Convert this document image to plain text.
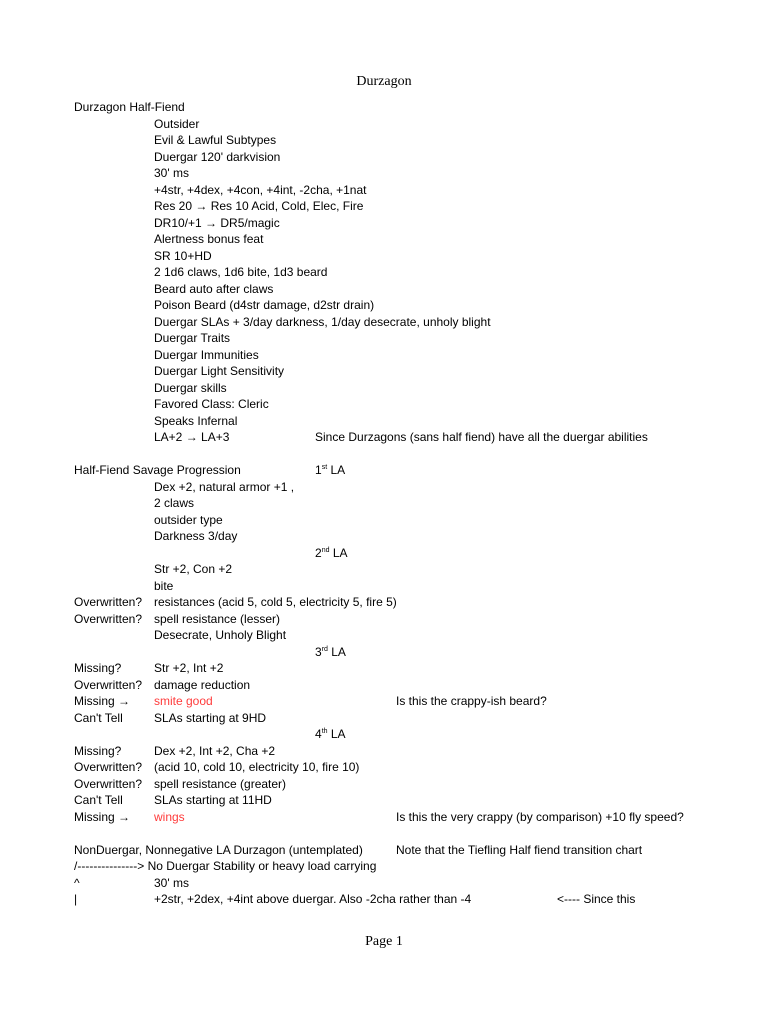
Durzagon
Durzagon Half-Fiend
Outsider
Evil & Lawful Subtypes
Duergar 120' darkvision
30' ms
+4str, +4dex, +4con, +4int, -2cha, +1nat
Res 20 → Res 10 Acid, Cold, Elec, Fire
DR10/+1 → DR5/magic
Alertness bonus feat
SR 10+HD
2 1d6 claws, 1d6 bite, 1d3 beard
Beard auto after claws
Poison Beard (d4str damage, d2str drain)
Duergar SLAs + 3/day darkness, 1/day desecrate, unholy blight
Duergar Traits
Duergar Immunities
Duergar Light Sensitivity
Duergar skills
Favored Class: Cleric
Speaks Infernal
LA+2 → LA+3	Since Durzagons (sans half fiend) have all the duergar abilities
Half-Fiend Savage Progression	1st LA
Dex +2, natural armor +1 ,
2 claws
outsider type
Darkness 3/day
2nd LA
Str +2, Con +2
bite
Overwritten? resistances (acid 5, cold 5, electricity 5, fire 5)
Overwritten? spell resistance (lesser)
Desecrate, Unholy Blight
3rd LA
Missing?	Str +2, Int +2
Overwritten? damage reduction
Missing → smite good	Is this the crappy-ish beard?
Can't Tell	SLAs starting at 9HD
4th LA
Missing?	Dex +2, Int +2, Cha +2
Overwritten? (acid 10, cold 10, electricity 10, fire 10)
Overwritten? spell resistance (greater)
Can't Tell	SLAs starting at 11HD
Missing → wings	Is this the very crappy (by comparison) +10 fly speed?
NonDuergar, Nonnegative LA Durzagon (untemplated)	Note that the Tiefling Half fiend transition chart
/---------------> No Duergar Stability or heavy load carrying
^	30' ms
|	+2str, +2dex, +4int above duergar. Also -2cha rather than -4	<---- Since this
Page 1
